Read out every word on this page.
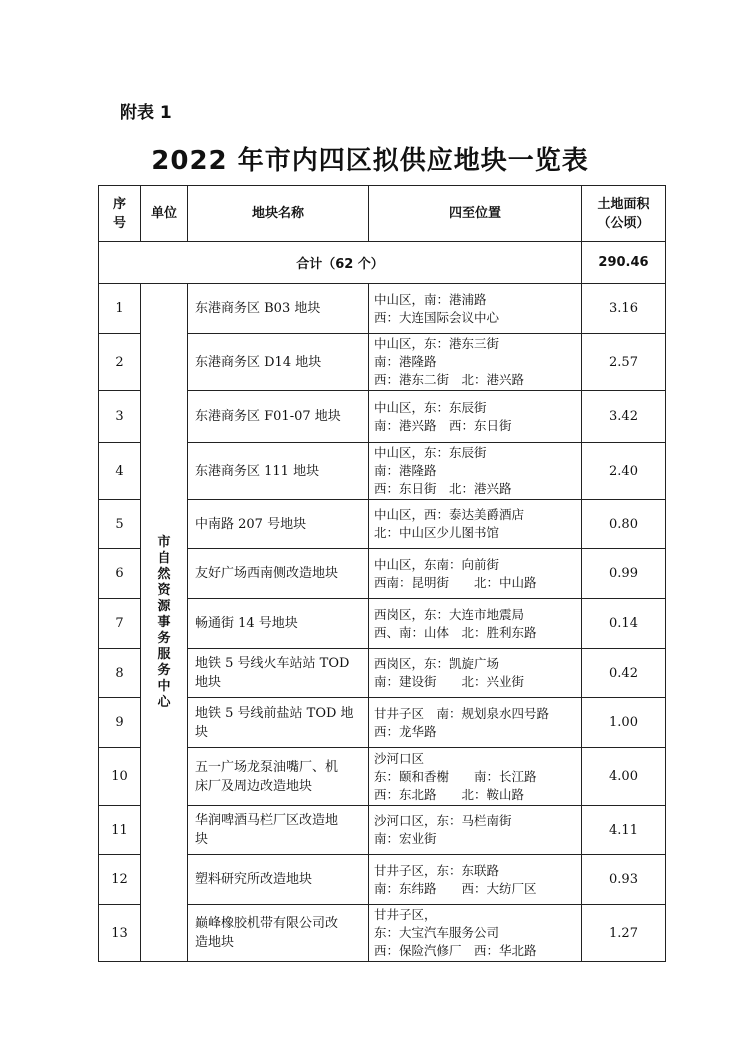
附表 1
2022 年市内四区拟供应地块一览表
序号	单位	地块名称	四至位置	土地面积（公顷）
合计（62 个）				290.46
1	市自然资源事务服务中心	东港商务区 B03 地块	中山区，南：港浦路
西：大连国际会议中心	3.16
2		东港商务区 D14 地块	中山区，东：港东三街
南：港隆路
西：港东二街　北：港兴路	2.57
3		东港商务区 F01-07 地块	中山区，东：东辰街
南：港兴路　西：东日街	3.42
4		东港商务区 111 地块	中山区，东：东辰街
南：港隆路
西：东日街　北：港兴路	2.40
5		中南路 207 号地块	中山区，西：泰达美爵酒店
北：中山区少儿图书馆	0.80
6		友好广场西南侧改造地块	中山区，东南：向前街
西南：昆明街　　北：中山路	0.99
7		畅通街 14 号地块	西岗区，东：大连市地震局
西、南：山体　北：胜利东路	0.14
8		地铁 5 号线火车站站 TOD
地块	西岗区，东：凯旋广场
南：建设街　　北：兴业街	0.42
9		地铁 5 号线前盐站 TOD 地
块	甘井子区　南：规划泉水四号路
西：龙华路	1.00
10		五一广场龙泵油嘴厂、机
床厂及周边改造地块	沙河口区
东：颐和香榭　　南：长江路
西：东北路　　北：鞍山路	4.00
11		华润啤酒马栏厂区改造地
块	沙河口区，东：马栏南街
南：宏业街	4.11
12		塑料研究所改造地块	甘井子区，东：东联路
南：东纬路　　西：大纺厂区	0.93
13		巅峰橡胶机带有限公司改
造地块	甘井子区，
东：大宝汽车服务公司
西：保险汽修厂　西：华北路	1.27
